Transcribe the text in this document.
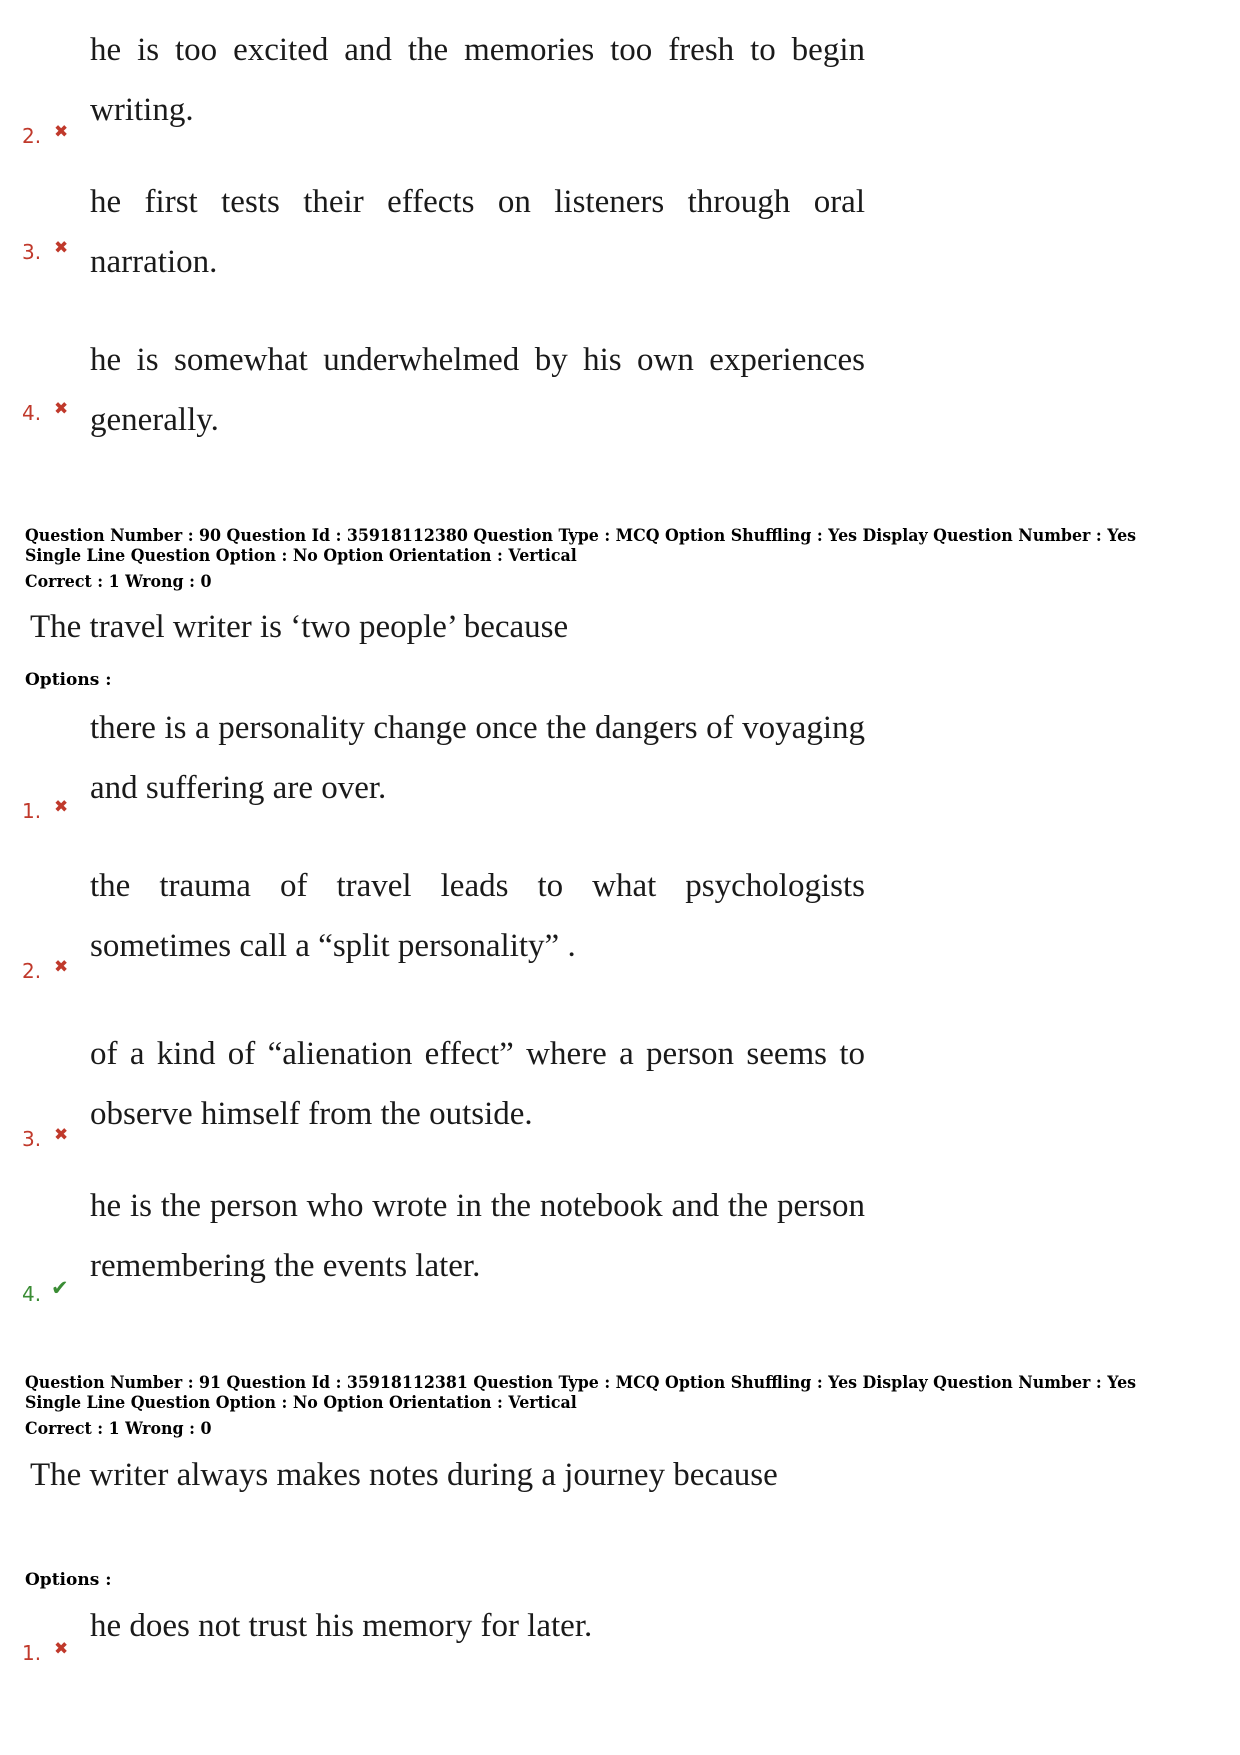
he is too excited and the memories too fresh to begin writing.
2. ✖
he first tests their effects on listeners through oral narration.
3. ✖
he is somewhat underwhelmed by his own experiences generally.
4. ✖
Question Number : 90 Question Id : 35918112380 Question Type : MCQ Option Shuffling : Yes Display Question Number : Yes
Single Line Question Option : No Option Orientation : Vertical
Correct : 1 Wrong : 0
The travel writer is ‘two people’ because
Options :
there is a personality change once the dangers of voyaging and suffering are over.
1. ✖
the trauma of travel leads to what psychologists sometimes call a “split personality” .
2. ✖
of a kind of “alienation effect” where a person seems to observe himself from the outside.
3. ✖
he is the person who wrote in the notebook and the person remembering the events later.
4. ✔
Question Number : 91 Question Id : 35918112381 Question Type : MCQ Option Shuffling : Yes Display Question Number : Yes
Single Line Question Option : No Option Orientation : Vertical
Correct : 1 Wrong : 0
The writer always makes notes during a journey because
Options :
he does not trust his memory for later.
1. ✖
